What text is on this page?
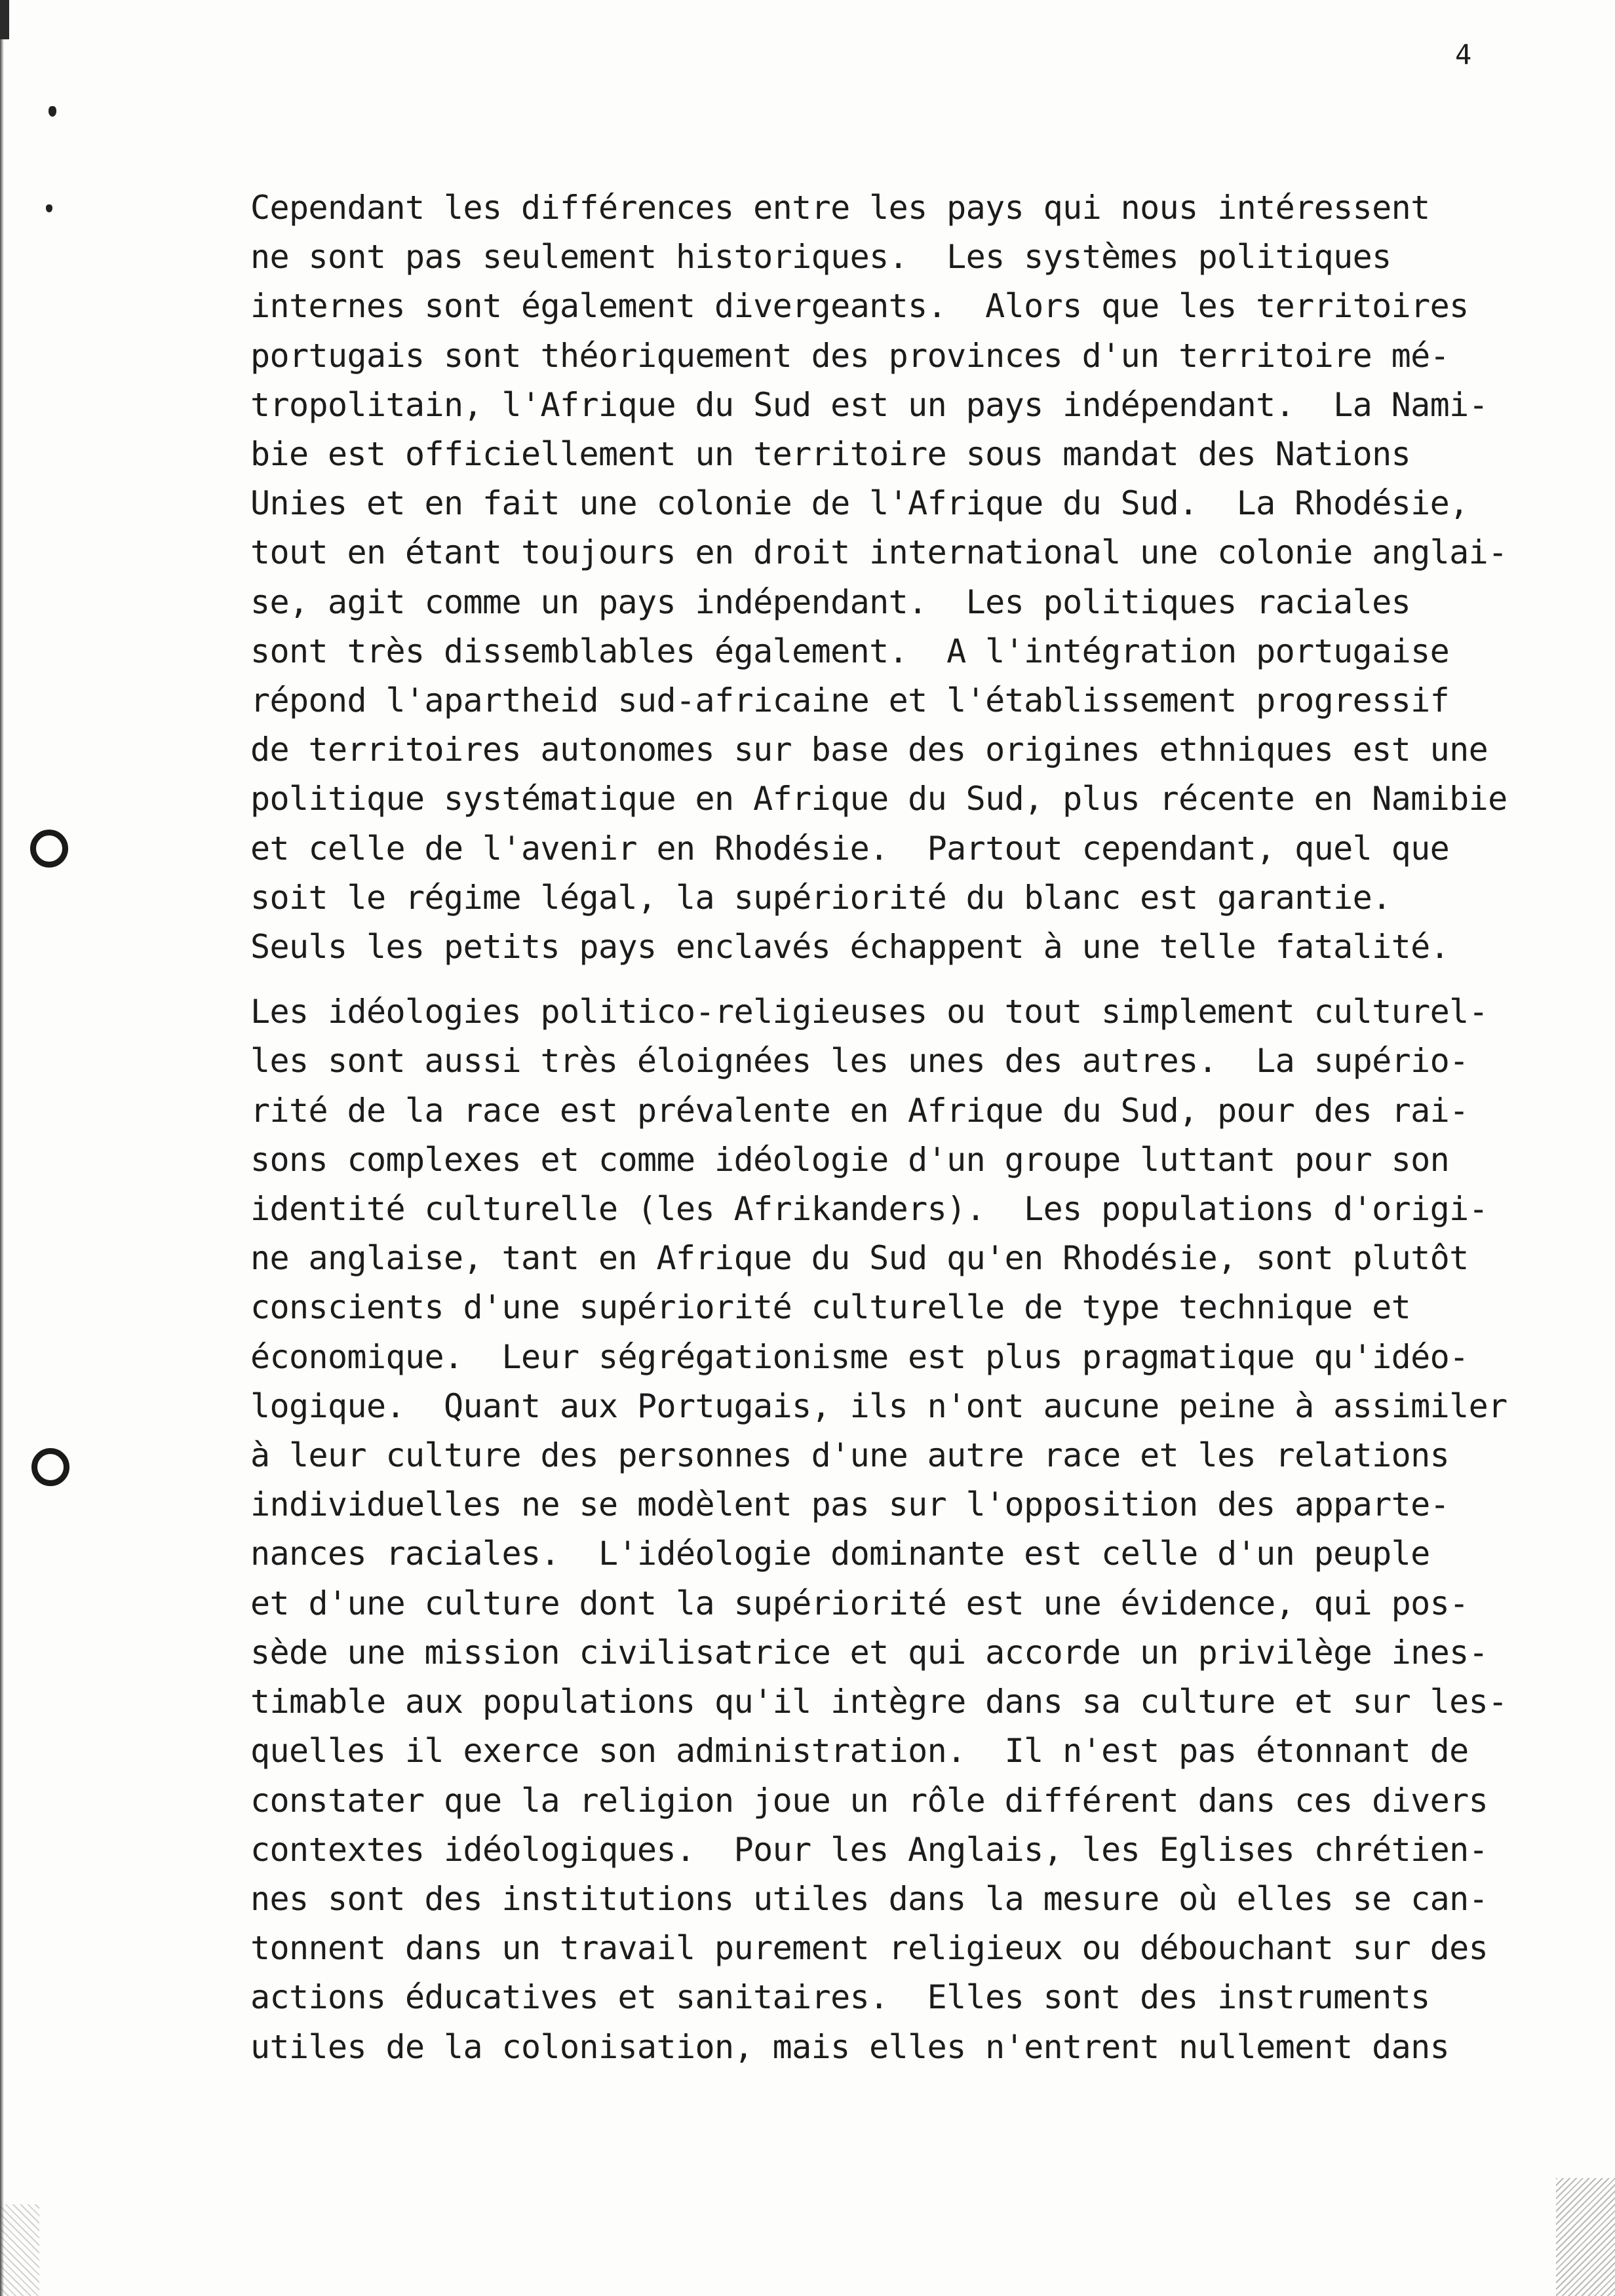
4

Cependant les différences entre les pays qui nous intéressent
ne sont pas seulement historiques.  Les systèmes politiques
internes sont également divergeants.  Alors que les territoires
portugais sont théoriquement des provinces d'un territoire mé-
tropolitain, l'Afrique du Sud est un pays indépendant.  La Nami-
bie est officiellement un territoire sous mandat des Nations
Unies et en fait une colonie de l'Afrique du Sud.  La Rhodésie,
tout en étant toujours en droit international une colonie anglai-
se, agit comme un pays indépendant.  Les politiques raciales
sont très dissemblables également.  A l'intégration portugaise
répond l'apartheid sud-africaine et l'établissement progressif
de territoires autonomes sur base des origines ethniques est une
politique systématique en Afrique du Sud, plus récente en Namibie
et celle de l'avenir en Rhodésie.  Partout cependant, quel que
soit le régime légal, la supériorité du blanc est garantie.
Seuls les petits pays enclavés échappent à une telle fatalité.

Les idéologies politico-religieuses ou tout simplement culturel-
les sont aussi très éloignées les unes des autres.  La supério-
rité de la race est prévalente en Afrique du Sud, pour des rai-
sons complexes et comme idéologie d'un groupe luttant pour son
identité culturelle (les Afrikanders).  Les populations d'origi-
ne anglaise, tant en Afrique du Sud qu'en Rhodésie, sont plutôt
conscients d'une supériorité culturelle de type technique et
économique.  Leur ségrégationisme est plus pragmatique qu'idéo-
logique.  Quant aux Portugais, ils n'ont aucune peine à assimiler
à leur culture des personnes d'une autre race et les relations
individuelles ne se modèlent pas sur l'opposition des apparte-
nances raciales.  L'idéologie dominante est celle d'un peuple
et d'une culture dont la supériorité est une évidence, qui pos-
sède une mission civilisatrice et qui accorde un privilège ines-
timable aux populations qu'il intègre dans sa culture et sur les-
quelles il exerce son administration.  Il n'est pas étonnant de
constater que la religion joue un rôle différent dans ces divers
contextes idéologiques.  Pour les Anglais, les Eglises chrétien-
nes sont des institutions utiles dans la mesure où elles se can-
tonnent dans un travail purement religieux ou débouchant sur des
actions éducatives et sanitaires.  Elles sont des instruments
utiles de la colonisation, mais elles n'entrent nullement dans
